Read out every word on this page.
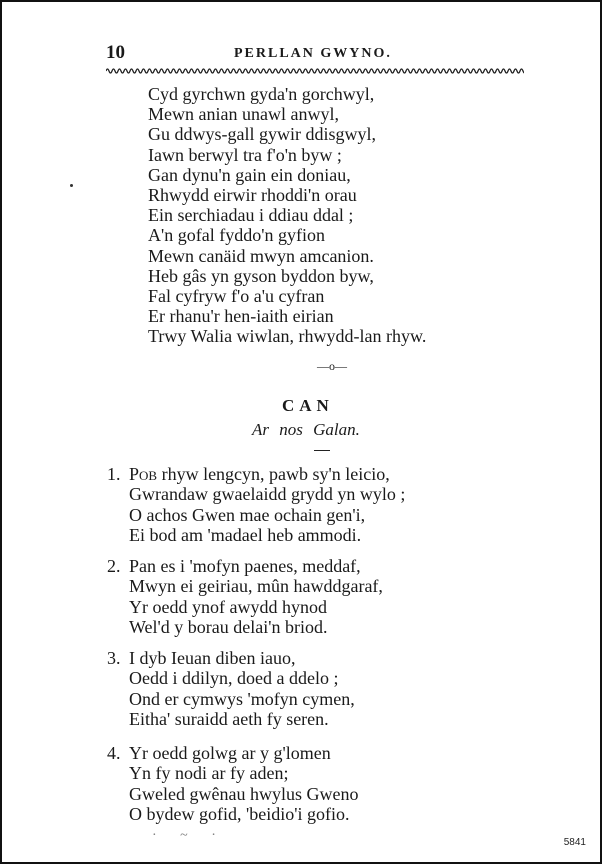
10	PERLLAN GWYNO.
Cyd gyrchwn gyda'n gorchwyl,
Mewn anian unawl anwyl,
Gu ddwys-gall gywir ddisgwyl,
Iawn berwyl tra f'o'n byw ;
Gan dynu'n gain ein doniau,
Rhwydd eirwir rhoddi'n orau
Ein serchiadau i ddiau ddal ;
A'n gofal fyddo'n gyfion
Mewn canäid mwyn amcanion.
Heb gâs yn gyson byddon byw,
Fal cyfryw f'o a'u cyfran
Er rhanu'r hen-iaith eirian
Trwy Walia wiwlan, rhwydd-lan rhyw.
—o—
CAN
Ar nos Galan.
1. Pob rhyw lengcyn, pawb sy'n leicio,
Gwrandaw gwaelaidd grydd yn wylo ;
O achos Gwen mae ochain gen'i,
Ei bod am 'madael heb ammodi.
2. Pan es i 'mofyn paenes, meddaf,
Mwyn ei geiriau, mûn hawddgaraf,
Yr oedd ynof awydd hynod
Wel'd y borau delai'n briod.
3. I dyb Ieuan diben iauo,
Oedd i ddilyn, doed a ddelo ;
Ond er cymwys 'mofyn cymen,
Eitha' suraidd aeth fy seren.
4. Yr oedd golwg ar y g'lomen
Yn fy nodi ar fy aden;
Gweled gwênau hwylus Gweno
O bydew gofid, 'beidio'i gofio.
· ~ ·	5841
